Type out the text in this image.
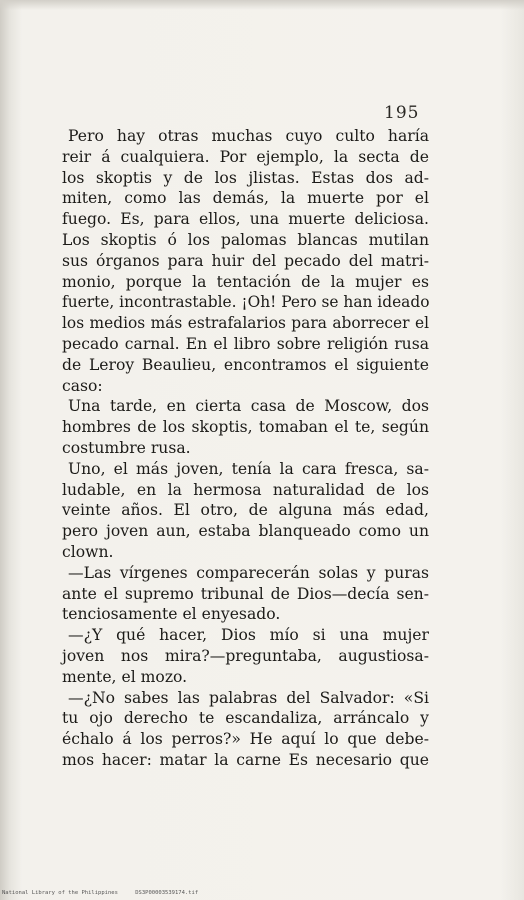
195
Pero hay otras muchas cuyo culto haría
reir á cualquiera. Por ejemplo, la secta de
los skoptis y de los jlistas. Estas dos ad-
miten, como las demás, la muerte por el
fuego. Es, para ellos, una muerte deliciosa.
Los skoptis ó los palomas blancas mutilan
sus órganos para huir del pecado del matri-
monio, porque la tentación de la mujer es
fuerte, incontrastable. ¡Oh! Pero se han ideado
los medios más estrafalarios para aborrecer el
pecado carnal. En el libro sobre religión rusa
de Leroy Beaulieu, encontramos el siguiente
caso:
Una tarde, en cierta casa de Moscow, dos
hombres de los skoptis, tomaban el te, según
costumbre rusa.
Uno, el más joven, tenía la cara fresca, sa-
ludable, en la hermosa naturalidad de los
veinte años. El otro, de alguna más edad,
pero joven aun, estaba blanqueado como un
clown.
—Las vírgenes comparecerán solas y puras
ante el supremo tribunal de Dios—decía sen-
tenciosamente el enyesado.
—¿Y qué hacer, Dios mío si una mujer
joven nos mira?—preguntaba, augustiosa-
mente, el mozo.
—¿No sabes las palabras del Salvador: «Si
tu ojo derecho te escandaliza, arráncalo y
échalo á los perros?» He aquí lo que debe-
mos hacer: matar la carne Es necesario que
National Library of the Philippines	DS3P00003539174.tif
